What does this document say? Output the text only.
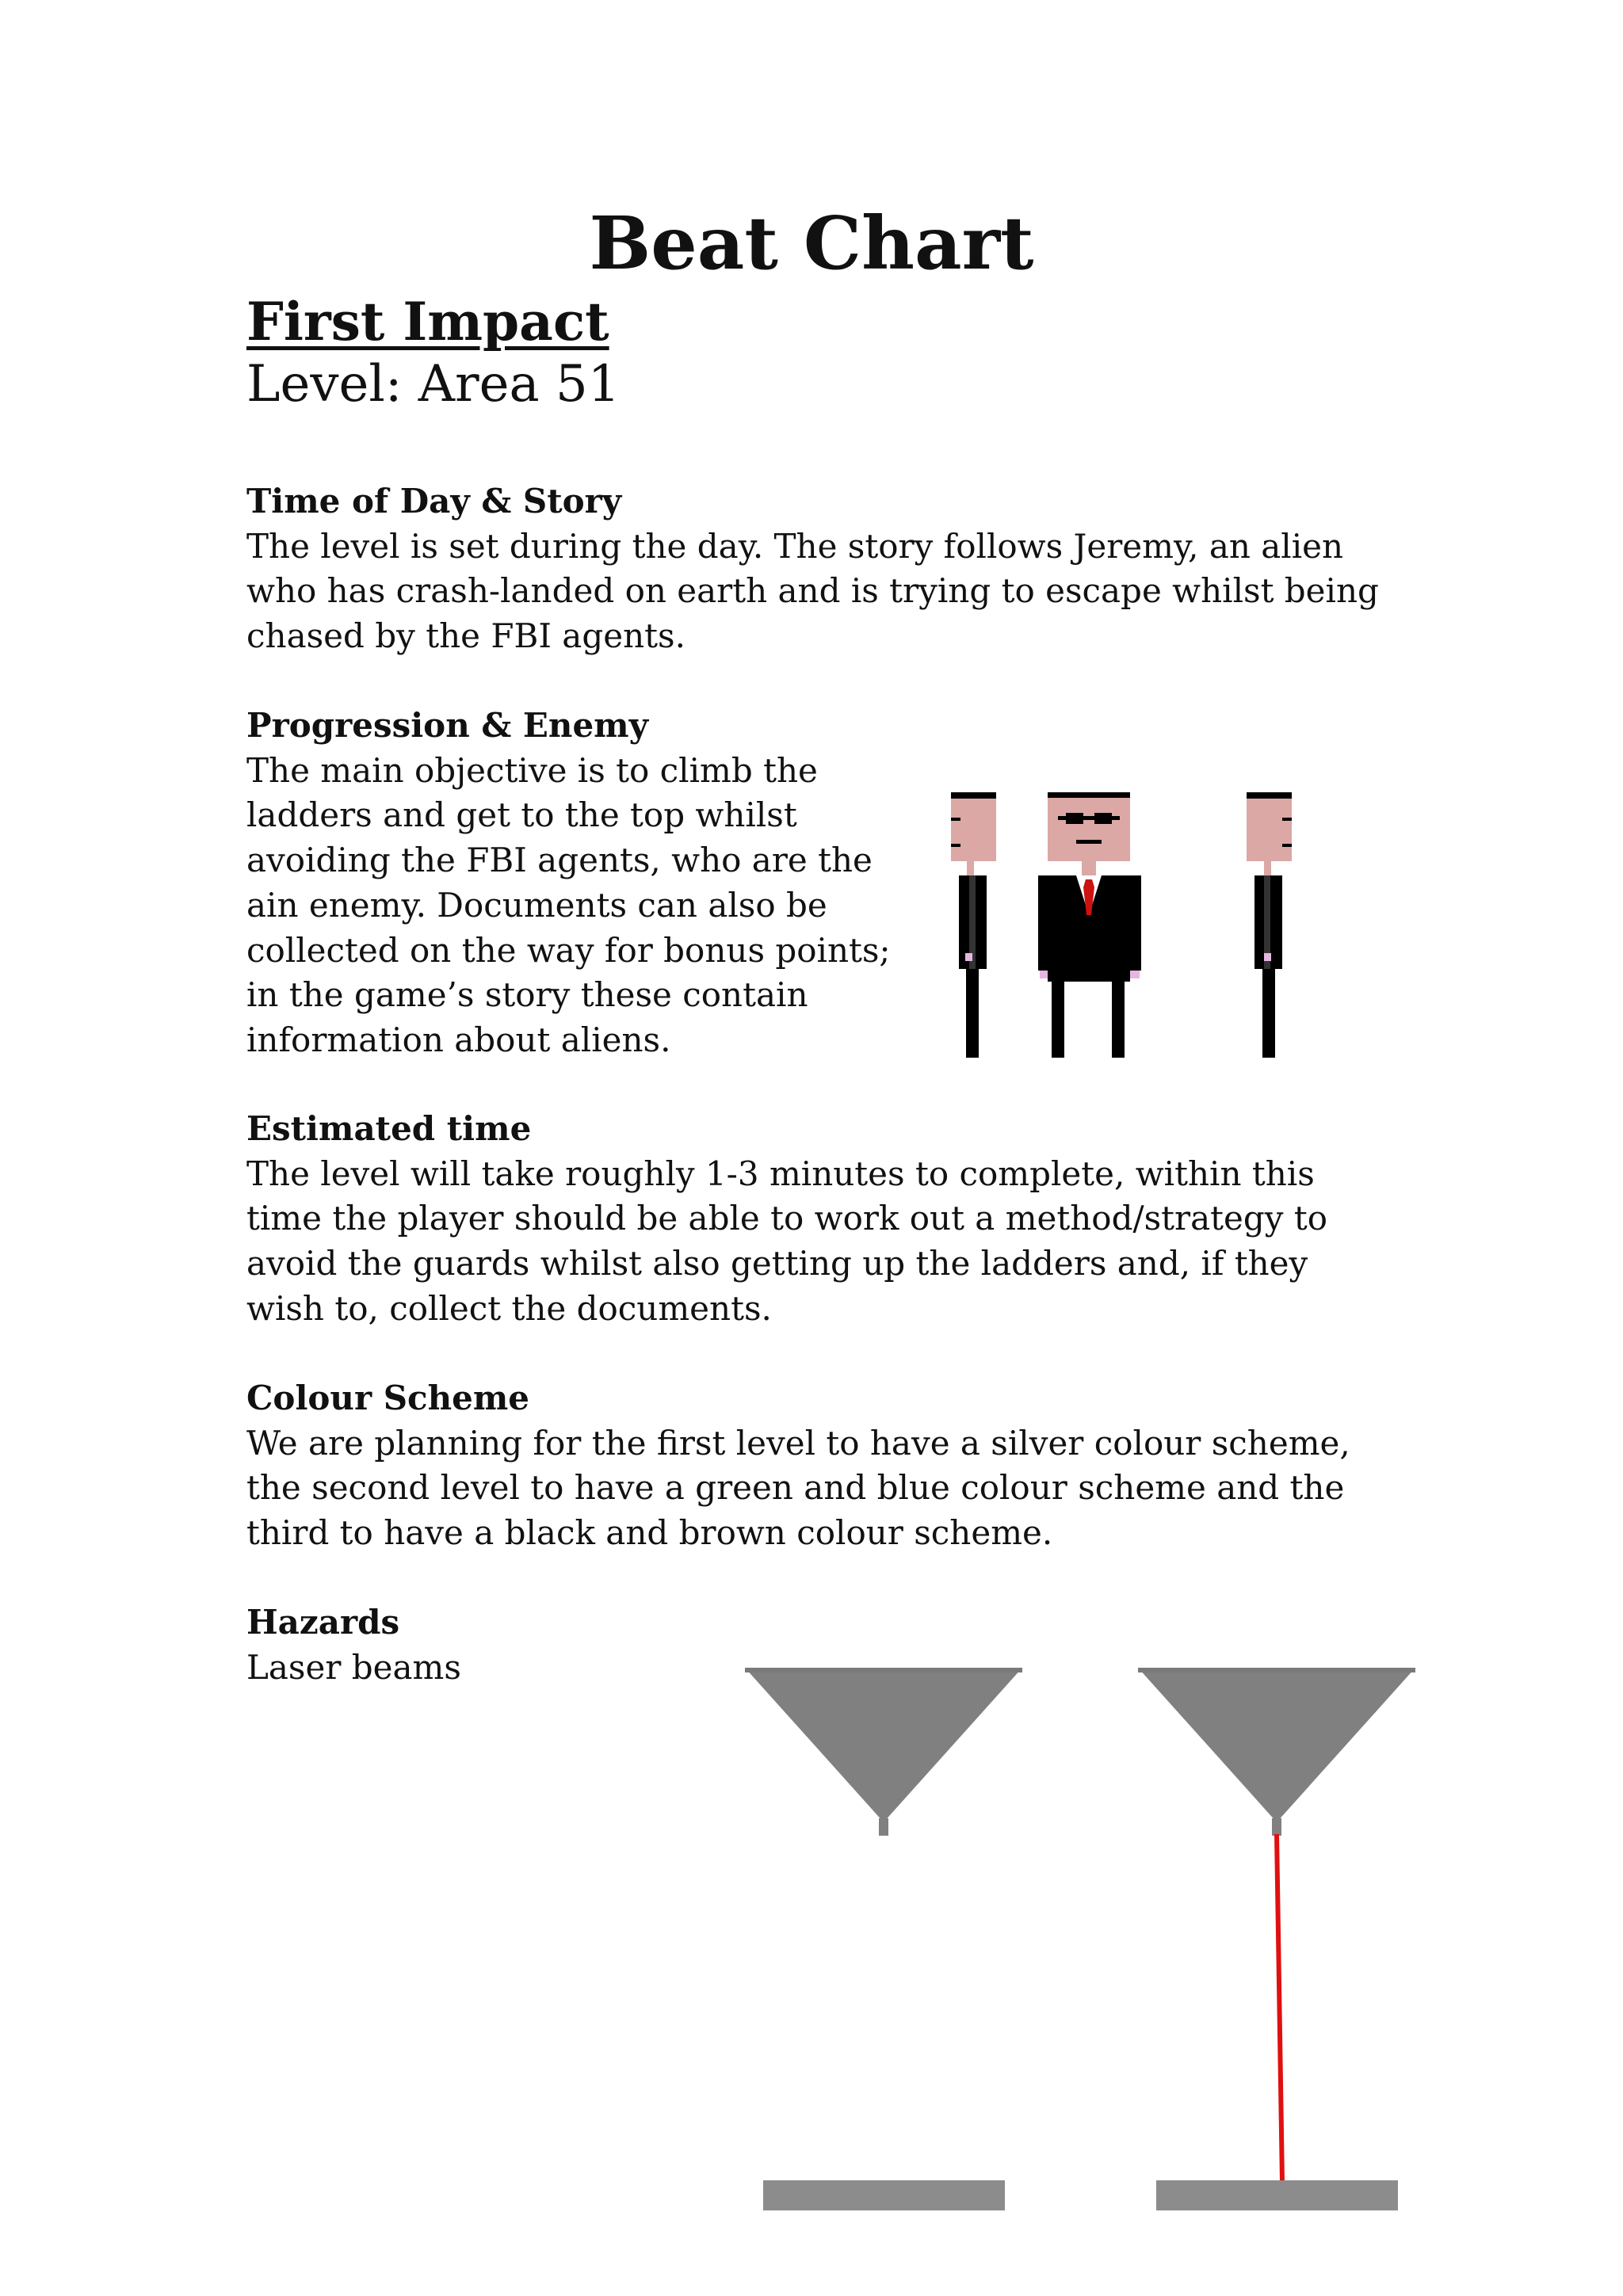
Beat Chart
First Impact
Level: Area 51
Time of Day & Story

The level is set during the day. The story follows Jeremy, an alien who has crash-landed on earth and is trying to escape whilst being chased by the FBI agents.

Progression & Enemy

The main objective is to climb the ladders and get to the top whilst avoiding the FBI agents, who are the ain enemy. Documents can also be collected on the way for bonus points; in the game’s story these contain information about aliens.

Estimated time

The level will take roughly 1-3 minutes to complete, within this time the player should be able to work out a method/strategy to avoid the guards whilst also getting up the ladders and, if they wish to, collect the documents.

Colour Scheme

We are planning for the first level to have a silver colour scheme, the second level to have a green and blue colour scheme and the third to have a black and brown colour scheme.

Hazards

Laser beams
